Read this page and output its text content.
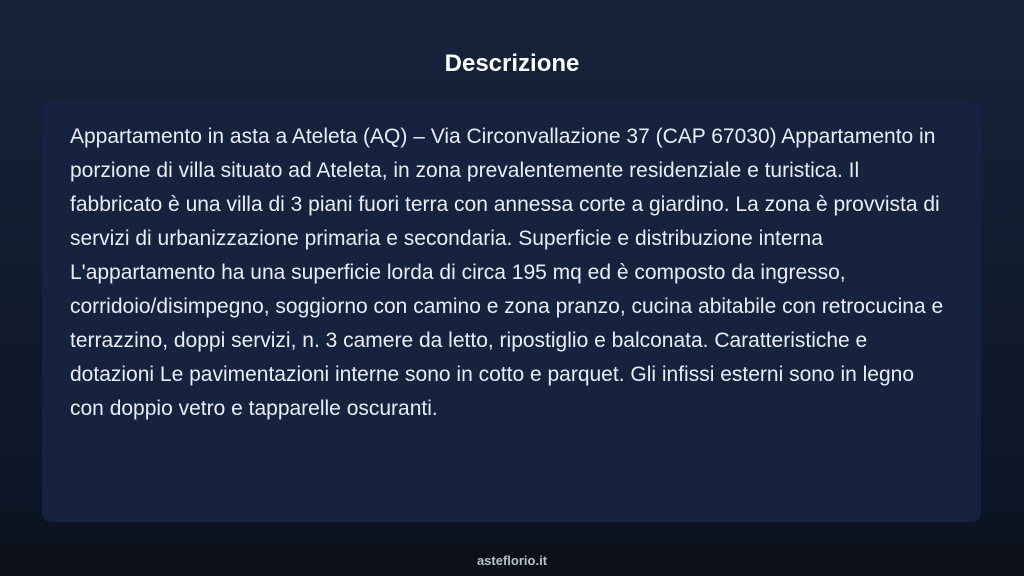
Descrizione

Appartamento in asta a Ateleta (AQ) – Via Circonvallazione 37 (CAP 67030) Appartamento in porzione di villa situato ad Ateleta, in zona prevalentemente residenziale e turistica. Il fabbricato è una villa di 3 piani fuori terra con annessa corte a giardino. La zona è provvista di servizi di urbanizzazione primaria e secondaria. Superficie e distribuzione interna L'appartamento ha una superficie lorda di circa 195 mq ed è composto da ingresso, corridoio/disimpegno, soggiorno con camino e zona pranzo, cucina abitabile con retrocucina e terrazzino, doppi servizi, n. 3 camere da letto, ripostiglio e balconata. Caratteristiche e dotazioni Le pavimentazioni interne sono in cotto e parquet. Gli infissi esterni sono in legno con doppio vetro e tapparelle oscuranti.

asteflorio.it
